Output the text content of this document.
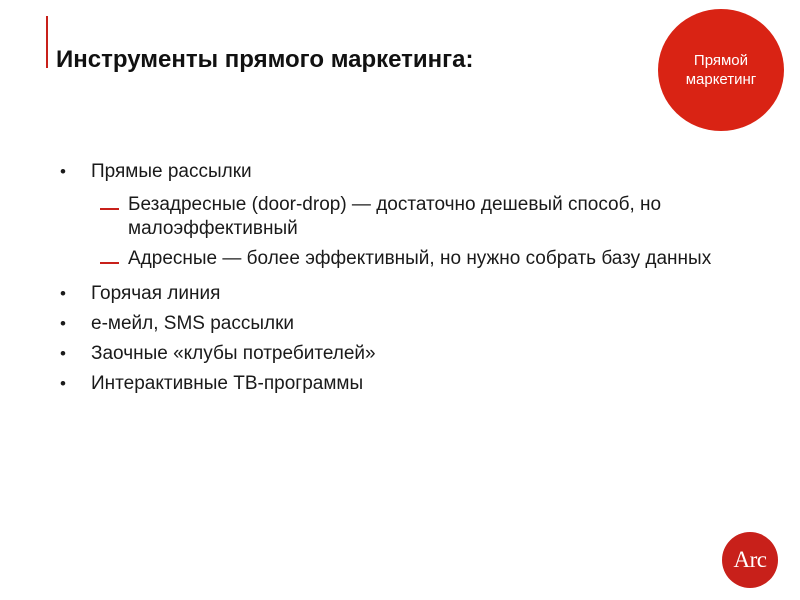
Инструменты прямого маркетинга:	Прямой
маркетинг
•	Прямые рассылки
Безадресные (door-drop) — достаточно дешевый способ, но малоэффективный
Адресные — более эффективный, но нужно собрать базу данных
•	Горячая линия
•	е-мейл, SMS рассылки
•	Заочные «клубы потребителей»
•	Интерактивные ТВ-программы
Arc
